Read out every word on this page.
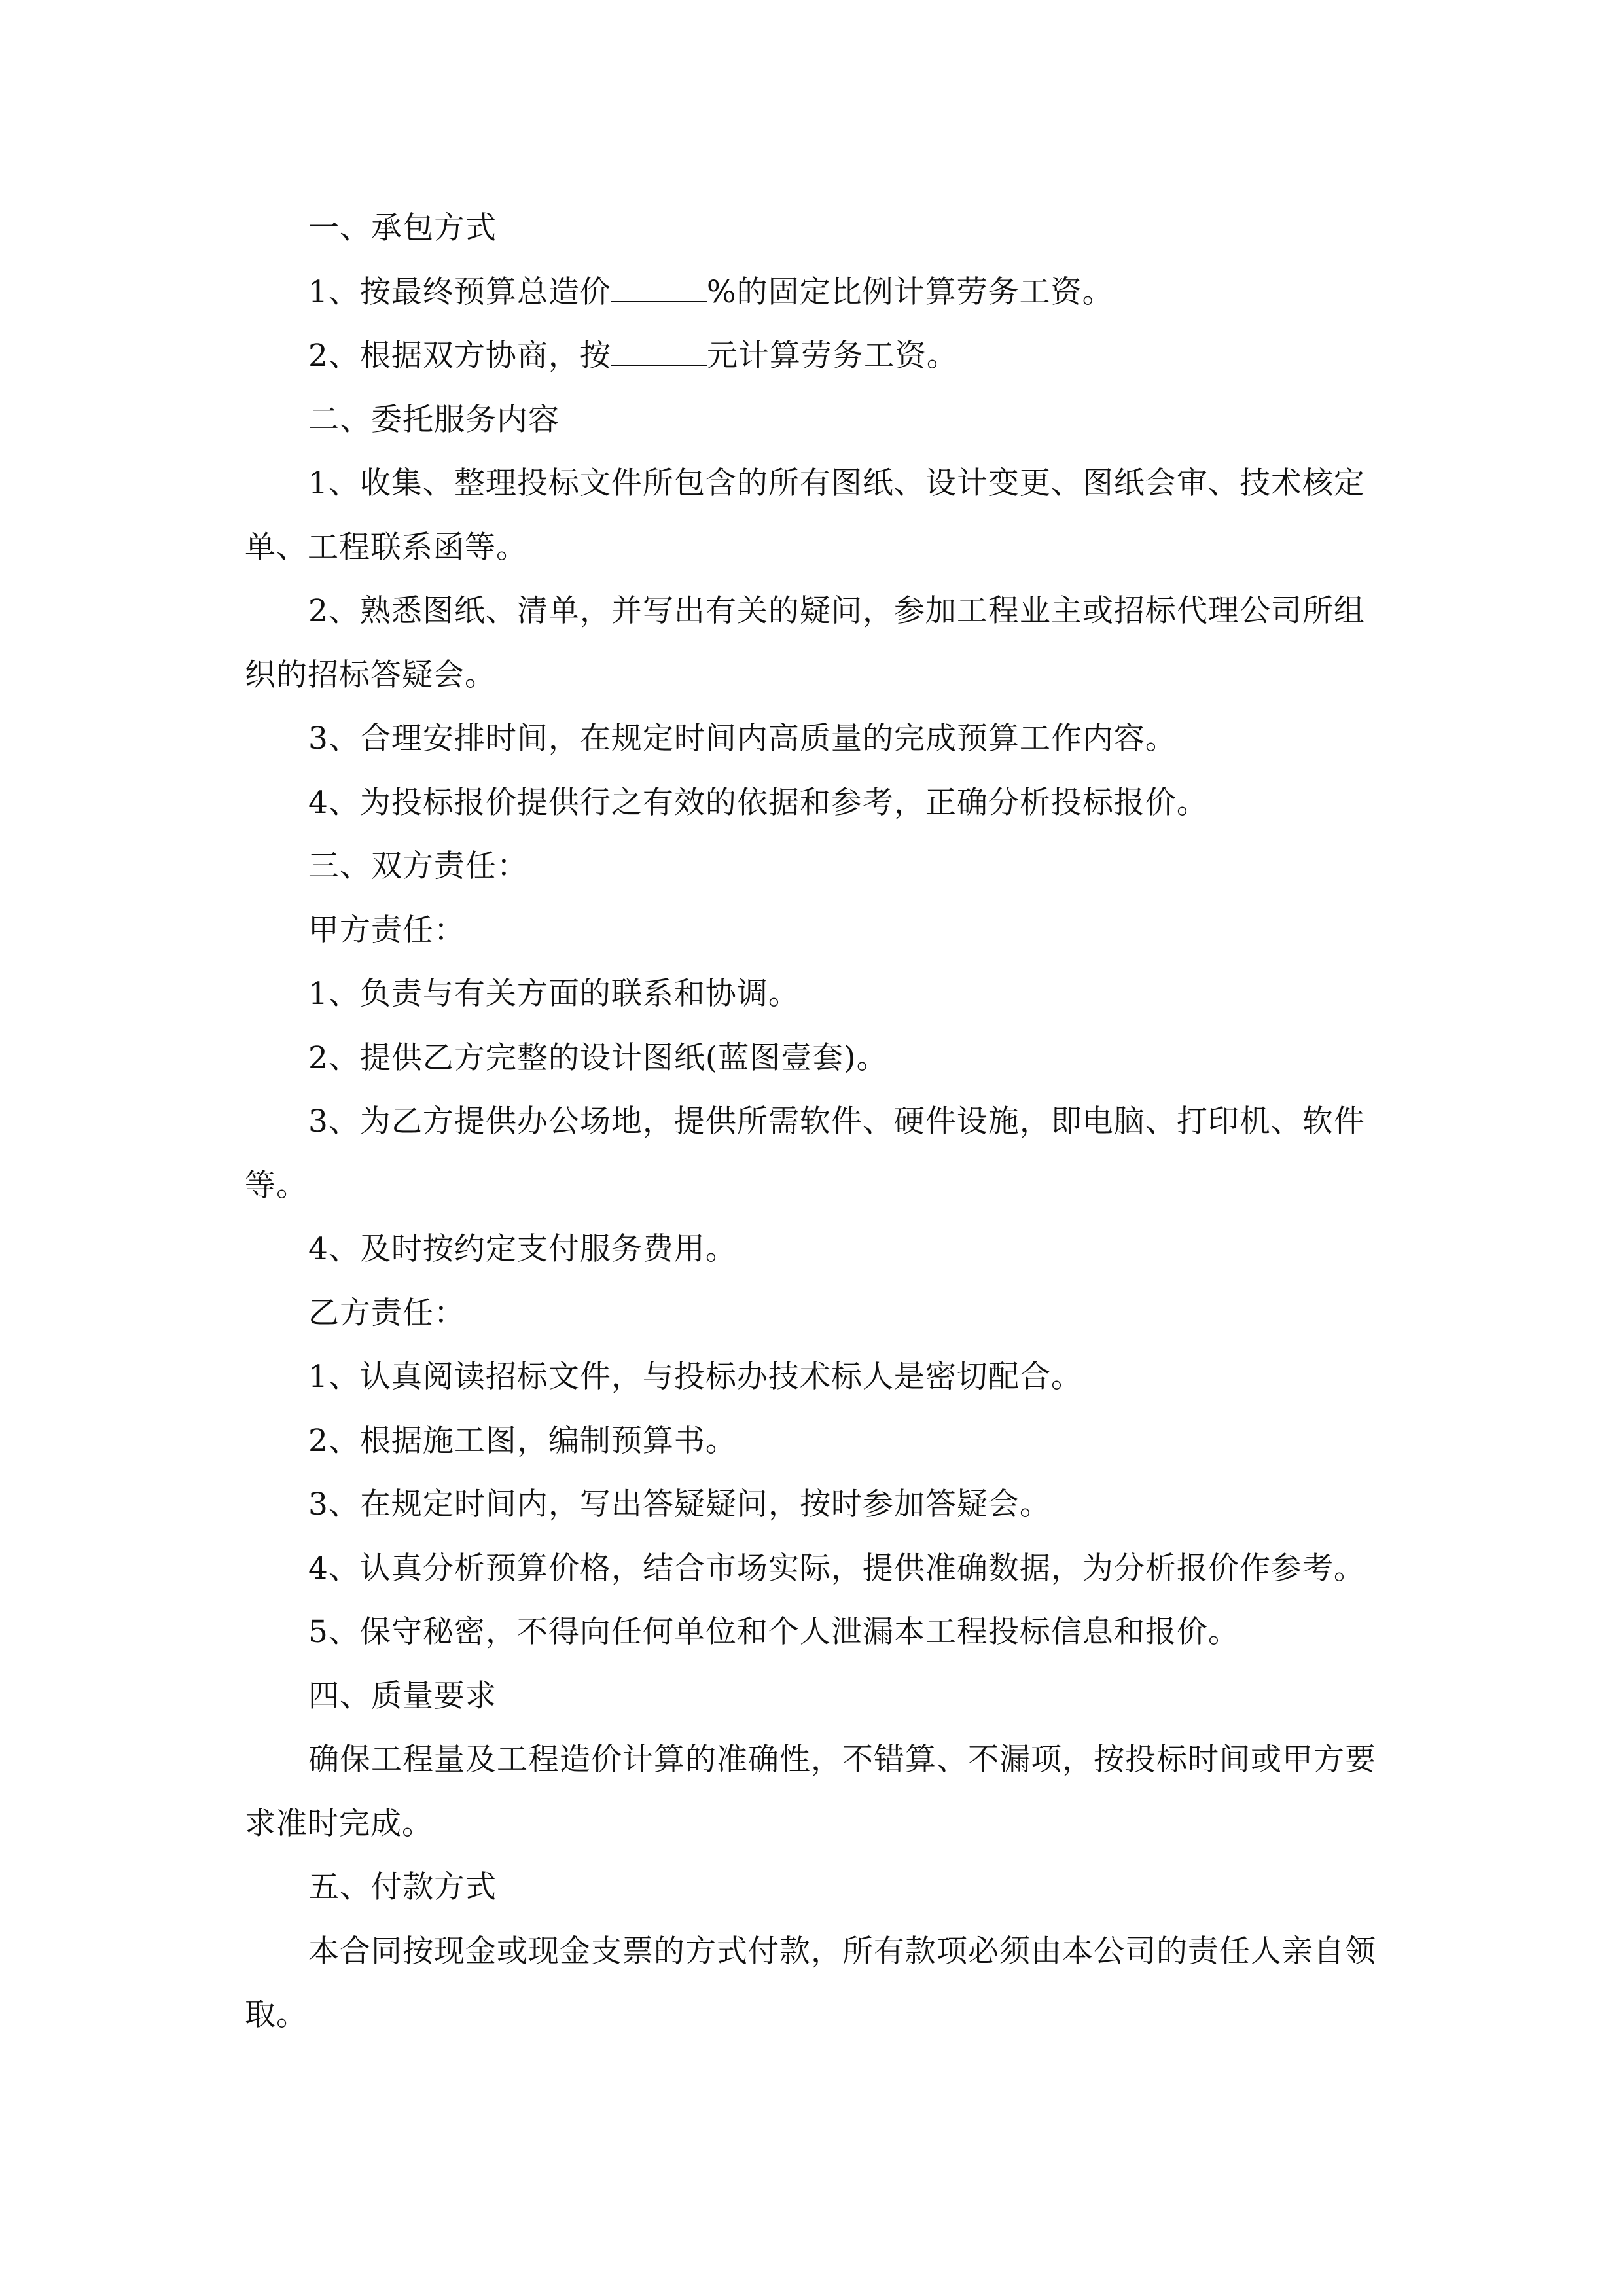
一、承包方式

1、按最终预算总造价	%的固定比例计算劳务工资。

2、根据双方协商，按	元计算劳务工资。

二、委托服务内容

1、收集、整理投标文件所包含的所有图纸、设计变更、图纸会审、技术核定单、工程联系函等。

2、熟悉图纸、清单，并写出有关的疑问，参加工程业主或招标代理公司所组织的招标答疑会。

3、合理安排时间，在规定时间内高质量的完成预算工作内容。

4、为投标报价提供行之有效的依据和参考，正确分析投标报价。

三、双方责任：

甲方责任：

1、负责与有关方面的联系和协调。

2、提供乙方完整的设计图纸(蓝图壹套)。

3、为乙方提供办公场地，提供所需软件、硬件设施，即电脑、打印机、软件等。

4、及时按约定支付服务费用。

乙方责任：

1、认真阅读招标文件，与投标办技术标人是密切配合。

2、根据施工图，编制预算书。

3、在规定时间内，写出答疑疑问，按时参加答疑会。

4、认真分析预算价格，结合市场实际，提供准确数据，为分析报价作参考。

5、保守秘密，不得向任何单位和个人泄漏本工程投标信息和报价。

四、质量要求

确保工程量及工程造价计算的准确性，不错算、不漏项，按投标时间或甲方要求准时完成。

五、付款方式

本合同按现金或现金支票的方式付款，所有款项必须由本公司的责任人亲自领取。
